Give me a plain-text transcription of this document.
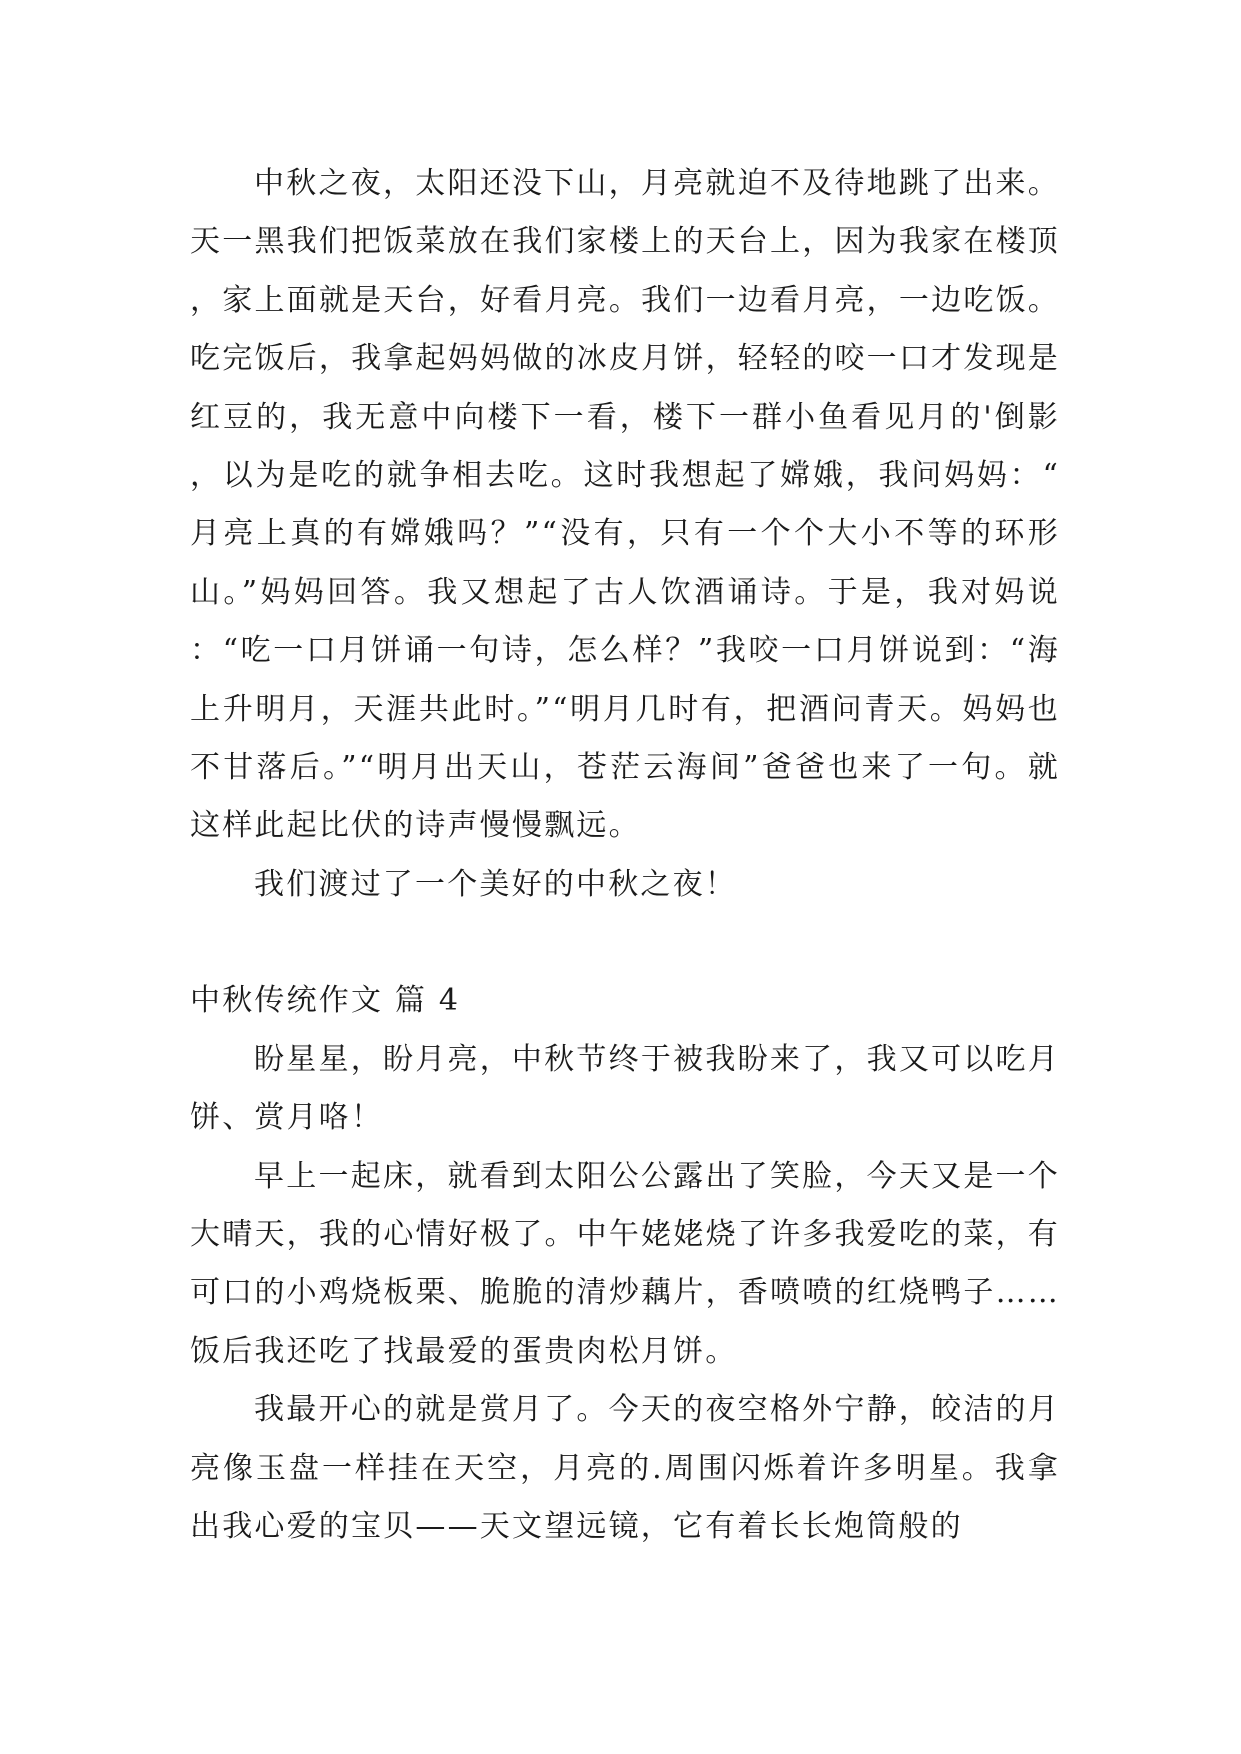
中秋之夜，太阳还没下山，月亮就迫不及待地跳了出来。天一黑我们把饭菜放在我们家楼上的天台上，因为我家在楼顶，家上面就是天台，好看月亮。我们一边看月亮，一边吃饭。吃完饭后，我拿起妈妈做的冰皮月饼，轻轻的咬一口才发现是红豆的，我无意中向楼下一看，楼下一群小鱼看见月的'倒影，以为是吃的就争相去吃。这时我想起了嫦娥，我问妈妈：“月亮上真的有嫦娥吗？”“没有，只有一个个大小不等的环形山。”妈妈回答。我又想起了古人饮酒诵诗。于是，我对妈说：“吃一口月饼诵一句诗，怎么样？”我咬一口月饼说到：“海上升明月，天涯共此时。”“明月几时有，把酒问青天。妈妈也不甘落后。”“明月出天山，苍茫云海间”爸爸也来了一句。就这样此起比伏的诗声慢慢飘远。

我们渡过了一个美好的中秋之夜！

中秋传统作文 篇 4

盼星星，盼月亮，中秋节终于被我盼来了，我又可以吃月饼、赏月咯！

早上一起床，就看到太阳公公露出了笑脸，今天又是一个大晴天，我的心情好极了。中午姥姥烧了许多我爱吃的菜，有可口的小鸡烧板栗、脆脆的清炒藕片，香喷喷的红烧鸭子……饭后我还吃了找最爱的蛋贵肉松月饼。

我最开心的就是赏月了。今天的夜空格外宁静，皎洁的月亮像玉盘一样挂在天空，月亮的.周围闪烁着许多明星。我拿出我心爱的宝贝——天文望远镜，它有着长长炮筒般的
